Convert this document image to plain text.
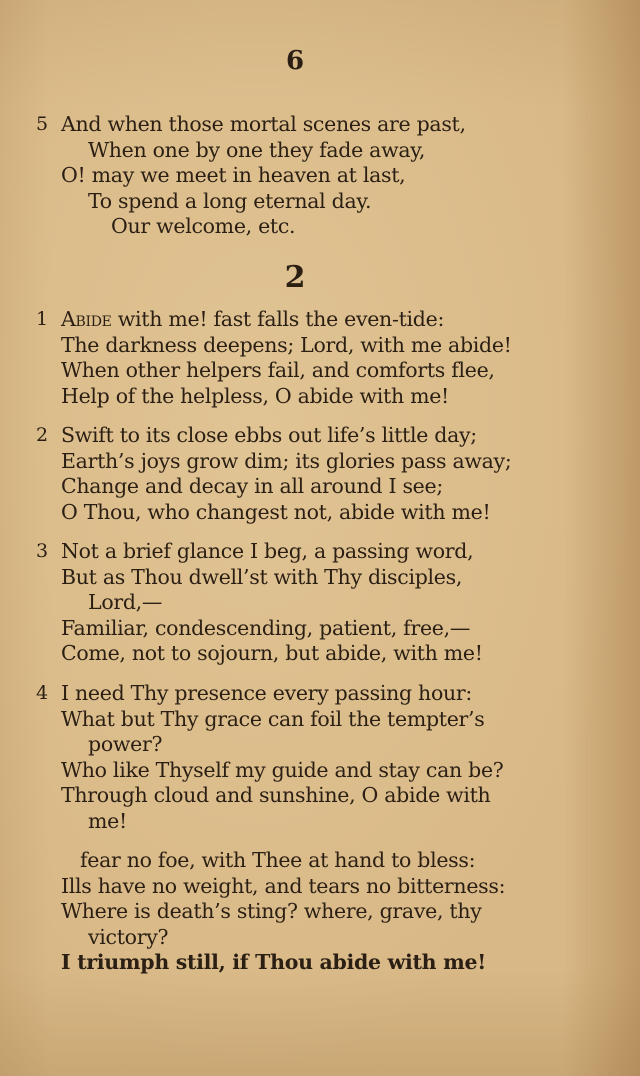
6
5 And when those mortal scenes are past,
When one by one they fade away,
O! may we meet in heaven at last,
To spend a long eternal day.
Our welcome, etc.
2
1 Abide with me! fast falls the even-tide:
The darkness deepens; Lord, with me abide!
When other helpers fail, and comforts flee,
Help of the helpless, O abide with me!
2 Swift to its close ebbs out life’s little day;
Earth’s joys grow dim; its glories pass away;
Change and decay in all around I see;
O Thou, who changest not, abide with me!
3 Not a brief glance I beg, a passing word,
But as Thou dwell’st with Thy disciples,
Lord,—
Familiar, condescending, patient, free,—
Come, not to sojourn, but abide, with me!
4 I need Thy presence every passing hour:
What but Thy grace can foil the tempter’s
power?
Who like Thyself my guide and stay can be?
Through cloud and sunshine, O abide with
me!
fear no foe, with Thee at hand to bless:
Ills have no weight, and tears no bitterness:
Where is death’s sting? where, grave, thy
victory?
I triumph still, if Thou abide with me!
